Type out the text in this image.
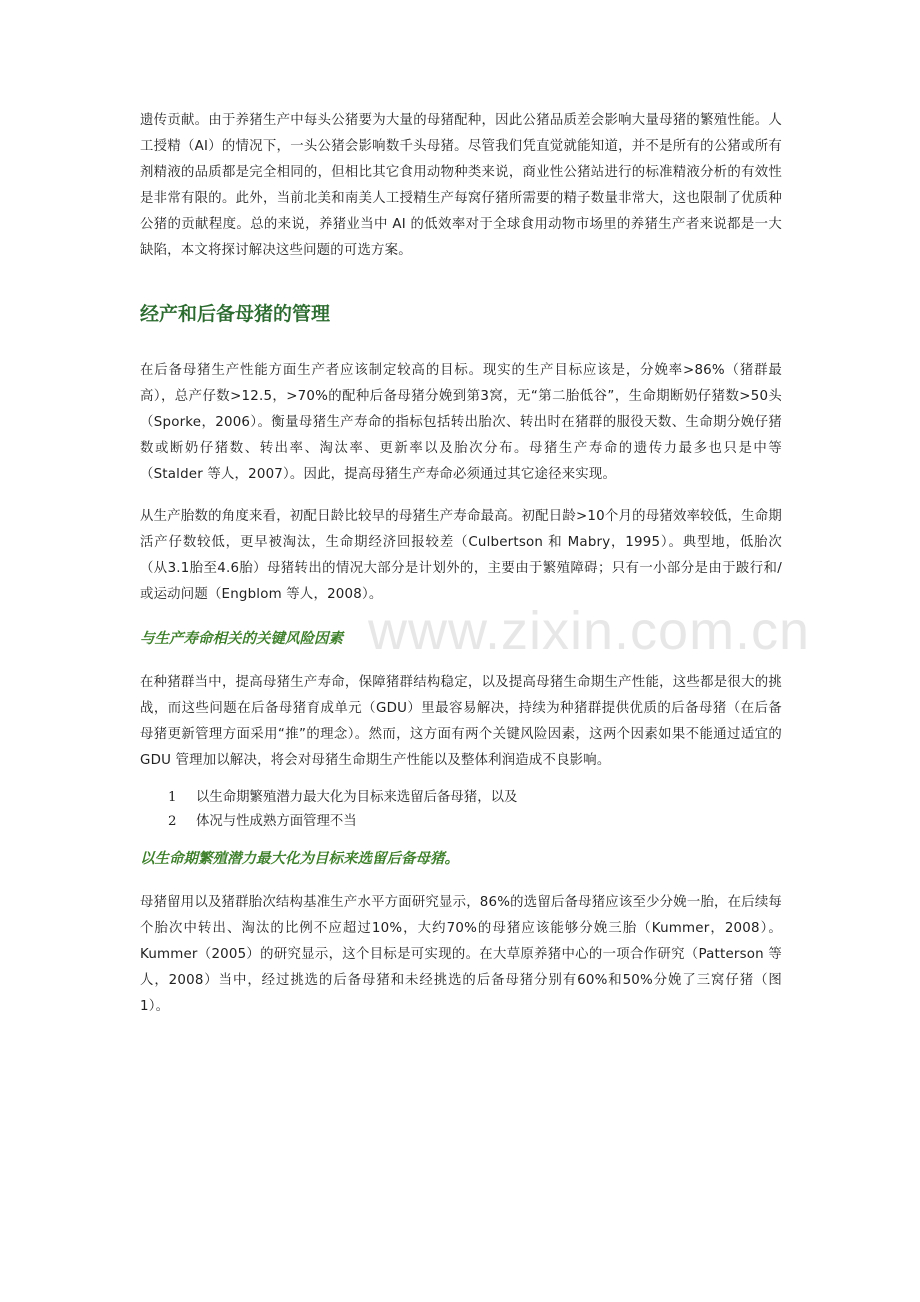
遗传贡献。由于养猪生产中每头公猪要为大量的母猪配种，因此公猪品质差会影响大量母猪的繁殖性能。人工授精（AI）的情况下，一头公猪会影响数千头母猪。尽管我们凭直觉就能知道，并不是所有的公猪或所有剂精液的品质都是完全相同的，但相比其它食用动物种类来说，商业性公猪站进行的标准精液分析的有效性是非常有限的。此外，当前北美和南美人工授精生产每窝仔猪所需要的精子数量非常大，这也限制了优质种公猪的贡献程度。总的来说，养猪业当中 AI 的低效率对于全球食用动物市场里的养猪生产者来说都是一大缺陷，本文将探讨解决这些问题的可选方案。

经产和后备母猪的管理

在后备母猪生产性能方面生产者应该制定较高的目标。现实的生产目标应该是，分娩率>86%（猪群最高），总产仔数>12.5，>70%的配种后备母猪分娩到第3窝，无“第二胎低谷”，生命期断奶仔猪数>50头（Sporke，2006）。衡量母猪生产寿命的指标包括转出胎次、转出时在猪群的服役天数、生命期分娩仔猪数或断奶仔猪数、转出率、淘汰率、更新率以及胎次分布。母猪生产寿命的遗传力最多也只是中等（Stalder 等人，2007）。因此，提高母猪生产寿命必须通过其它途径来实现。

从生产胎数的角度来看，初配日龄比较早的母猪生产寿命最高。初配日龄>10个月的母猪效率较低，生命期活产仔数较低，更早被淘汰，生命期经济回报较差（Culbertson 和 Mabry，1995）。典型地，低胎次（从3.1胎至4.6胎）母猪转出的情况大部分是计划外的，主要由于繁殖障碍；只有一小部分是由于跛行和/或运动问题（Engblom 等人，2008）。

与生产寿命相关的关键风险因素

在种猪群当中，提高母猪生产寿命，保障猪群结构稳定，以及提高母猪生命期生产性能，这些都是很大的挑战，而这些问题在后备母猪育成单元（GDU）里最容易解决，持续为种猪群提供优质的后备母猪（在后备母猪更新管理方面采用“推”的理念）。然而，这方面有两个关键风险因素，这两个因素如果不能通过适宜的 GDU 管理加以解决，将会对母猪生命期生产性能以及整体利润造成不良影响。

1	以生命期繁殖潜力最大化为目标来选留后备母猪，以及
2	体况与性成熟方面管理不当
以生命期繁殖潜力最大化为目标来选留后备母猪。

母猪留用以及猪群胎次结构基准生产水平方面研究显示，86%的选留后备母猪应该至少分娩一胎，在后续每个胎次中转出、淘汰的比例不应超过10%，大约70%的母猪应该能够分娩三胎（Kummer，2008）。Kummer（2005）的研究显示，这个目标是可实现的。在大草原养猪中心的一项合作研究（Patterson 等人，2008）当中，经过挑选的后备母猪和未经挑选的后备母猪分别有60%和50%分娩了三窝仔猪（图 1）。

www.zixin.com.cn
